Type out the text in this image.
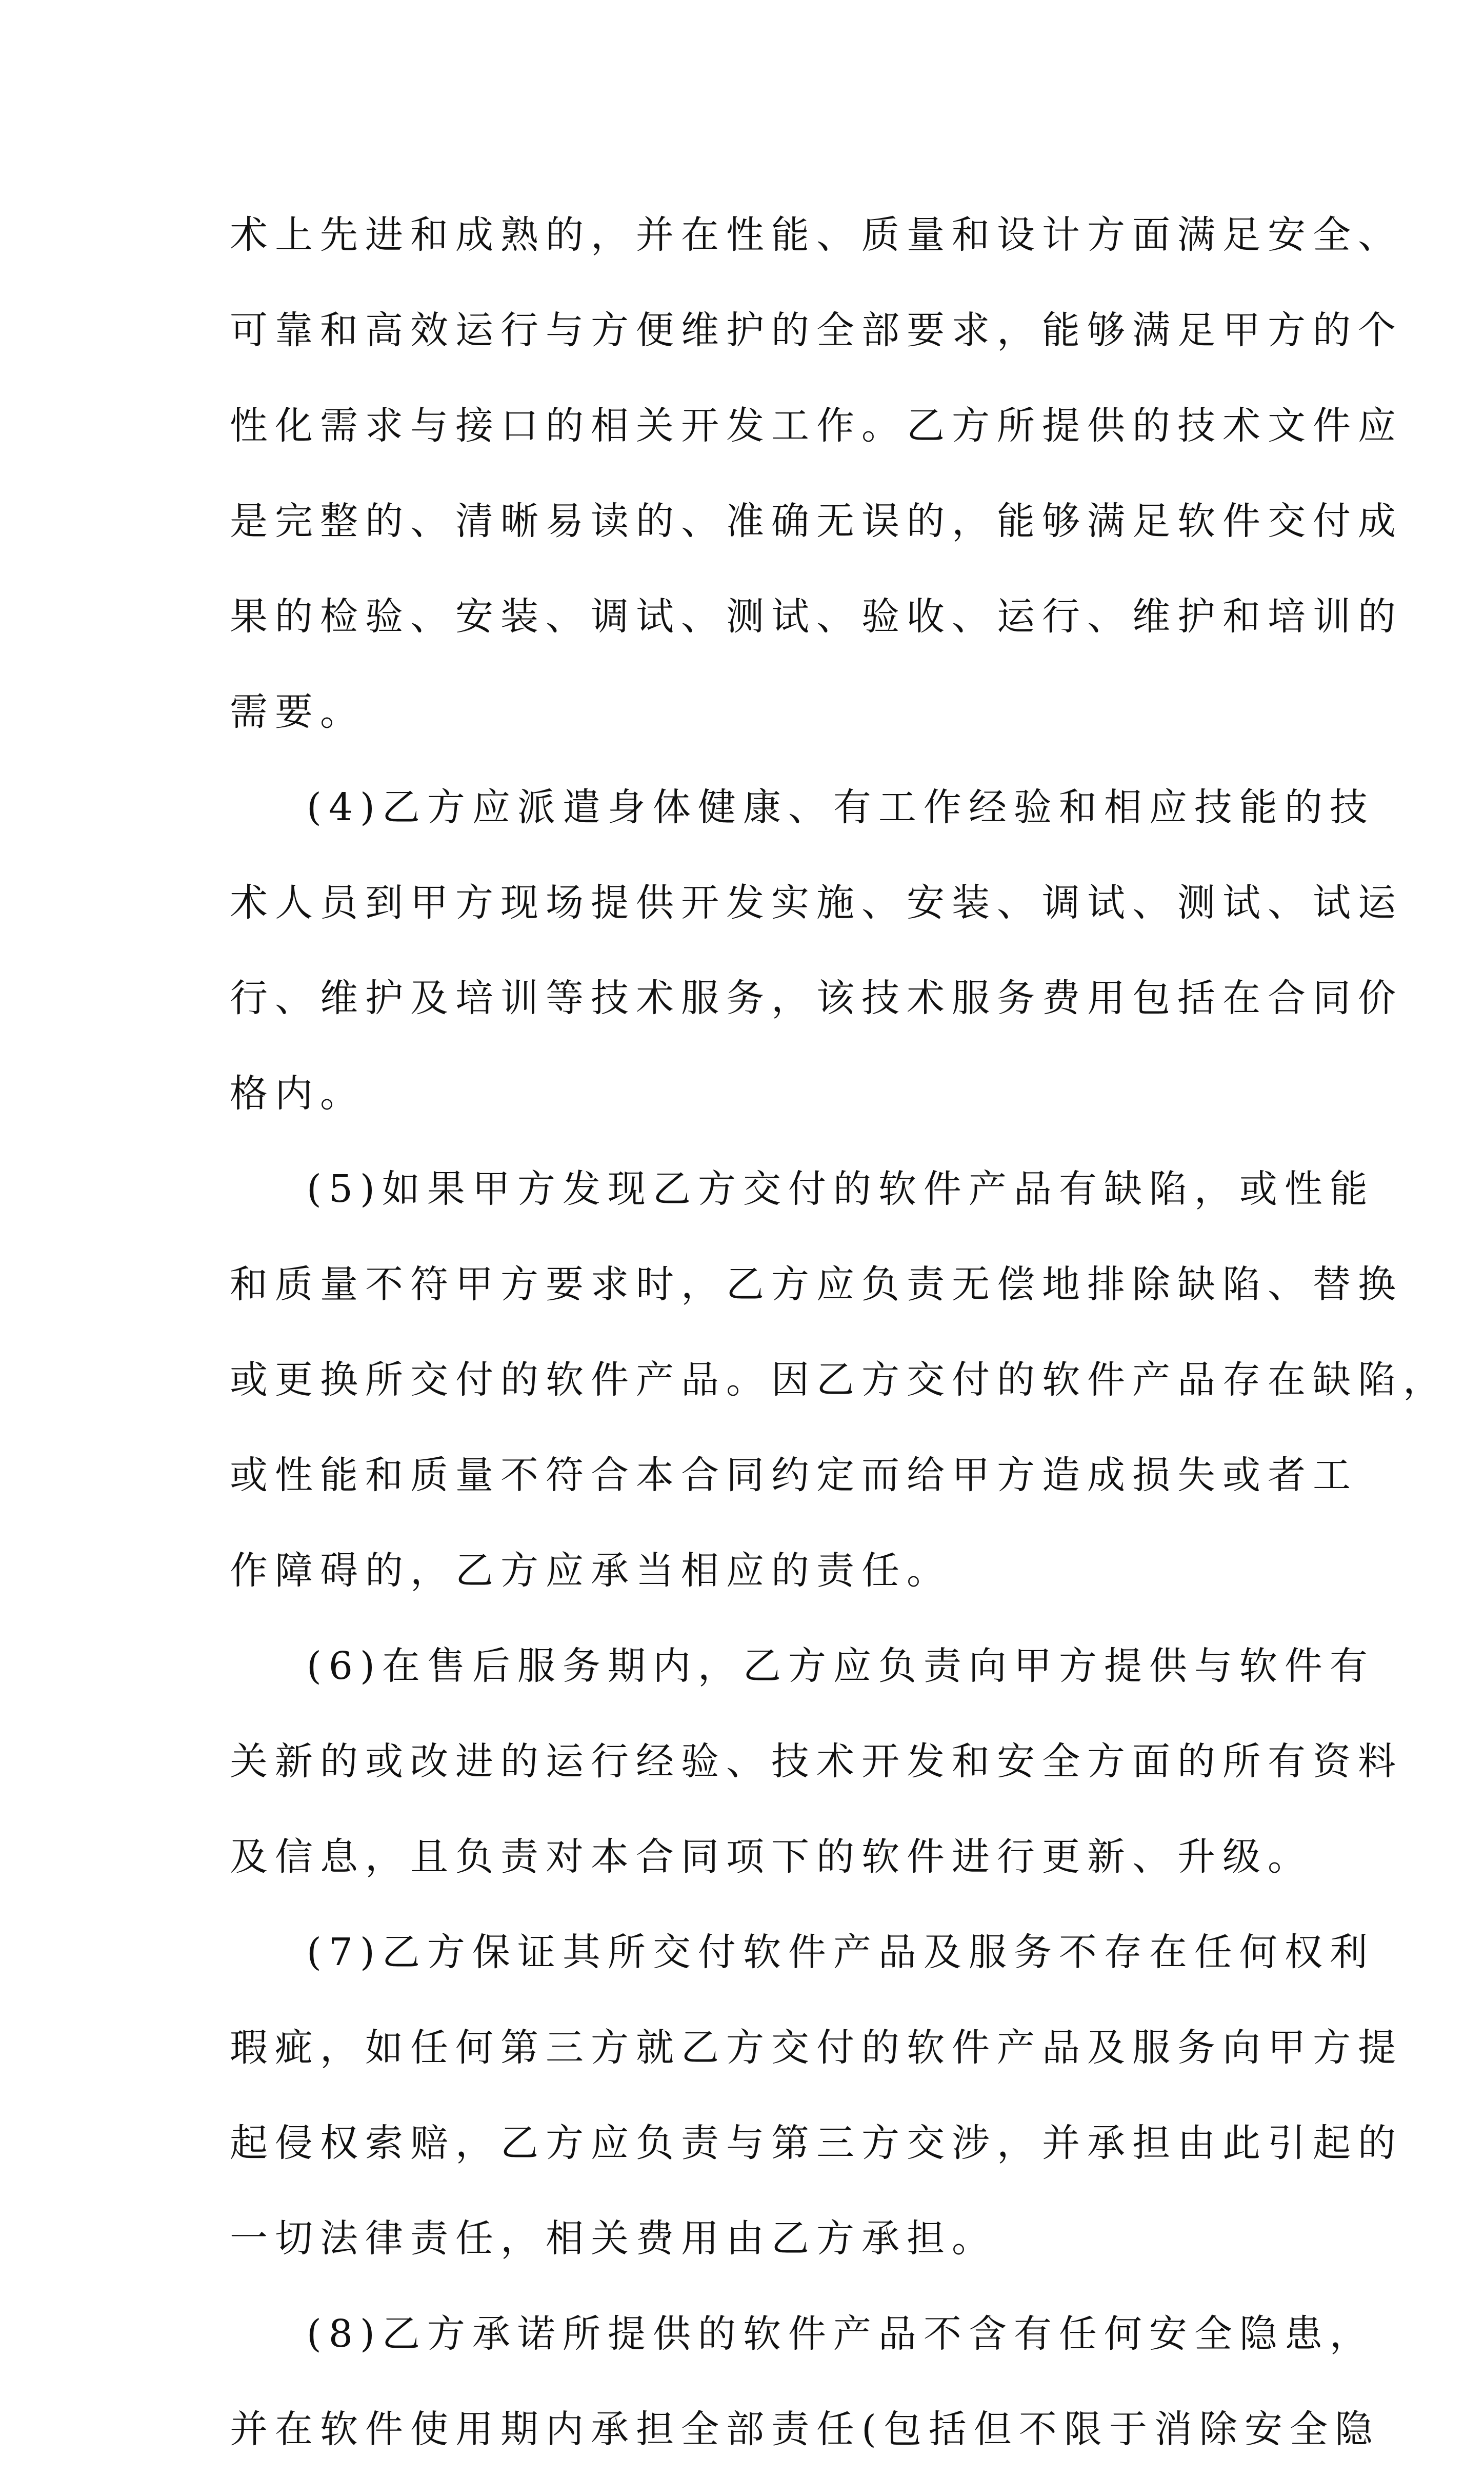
术上先进和成熟的，并在性能、质量和设计方面满足安全、
可靠和高效运行与方便维护的全部要求，能够满足甲方的个
性化需求与接口的相关开发工作。乙方所提供的技术文件应
是完整的、清晰易读的、准确无误的，能够满足软件交付成
果的检验、安装、调试、测试、验收、运行、维护和培训的
需要。
(4)乙方应派遣身体健康、有工作经验和相应技能的技
术人员到甲方现场提供开发实施、安装、调试、测试、试运
行、维护及培训等技术服务，该技术服务费用包括在合同价
格内。
(5)如果甲方发现乙方交付的软件产品有缺陷，或性能
和质量不符甲方要求时，乙方应负责无偿地排除缺陷、替换
或更换所交付的软件产品。因乙方交付的软件产品存在缺陷，
或性能和质量不符合本合同约定而给甲方造成损失或者工
作障碍的，乙方应承当相应的责任。
(6)在售后服务期内，乙方应负责向甲方提供与软件有
关新的或改进的运行经验、技术开发和安全方面的所有资料
及信息，且负责对本合同项下的软件进行更新、升级。
(7)乙方保证其所交付软件产品及服务不存在任何权利
瑕疵，如任何第三方就乙方交付的软件产品及服务向甲方提
起侵权索赔，乙方应负责与第三方交涉，并承担由此引起的
一切法律责任，相关费用由乙方承担。
(8)乙方承诺所提供的软件产品不含有任何安全隐患，
并在软件使用期内承担全部责任(包括但不限于消除安全隐
